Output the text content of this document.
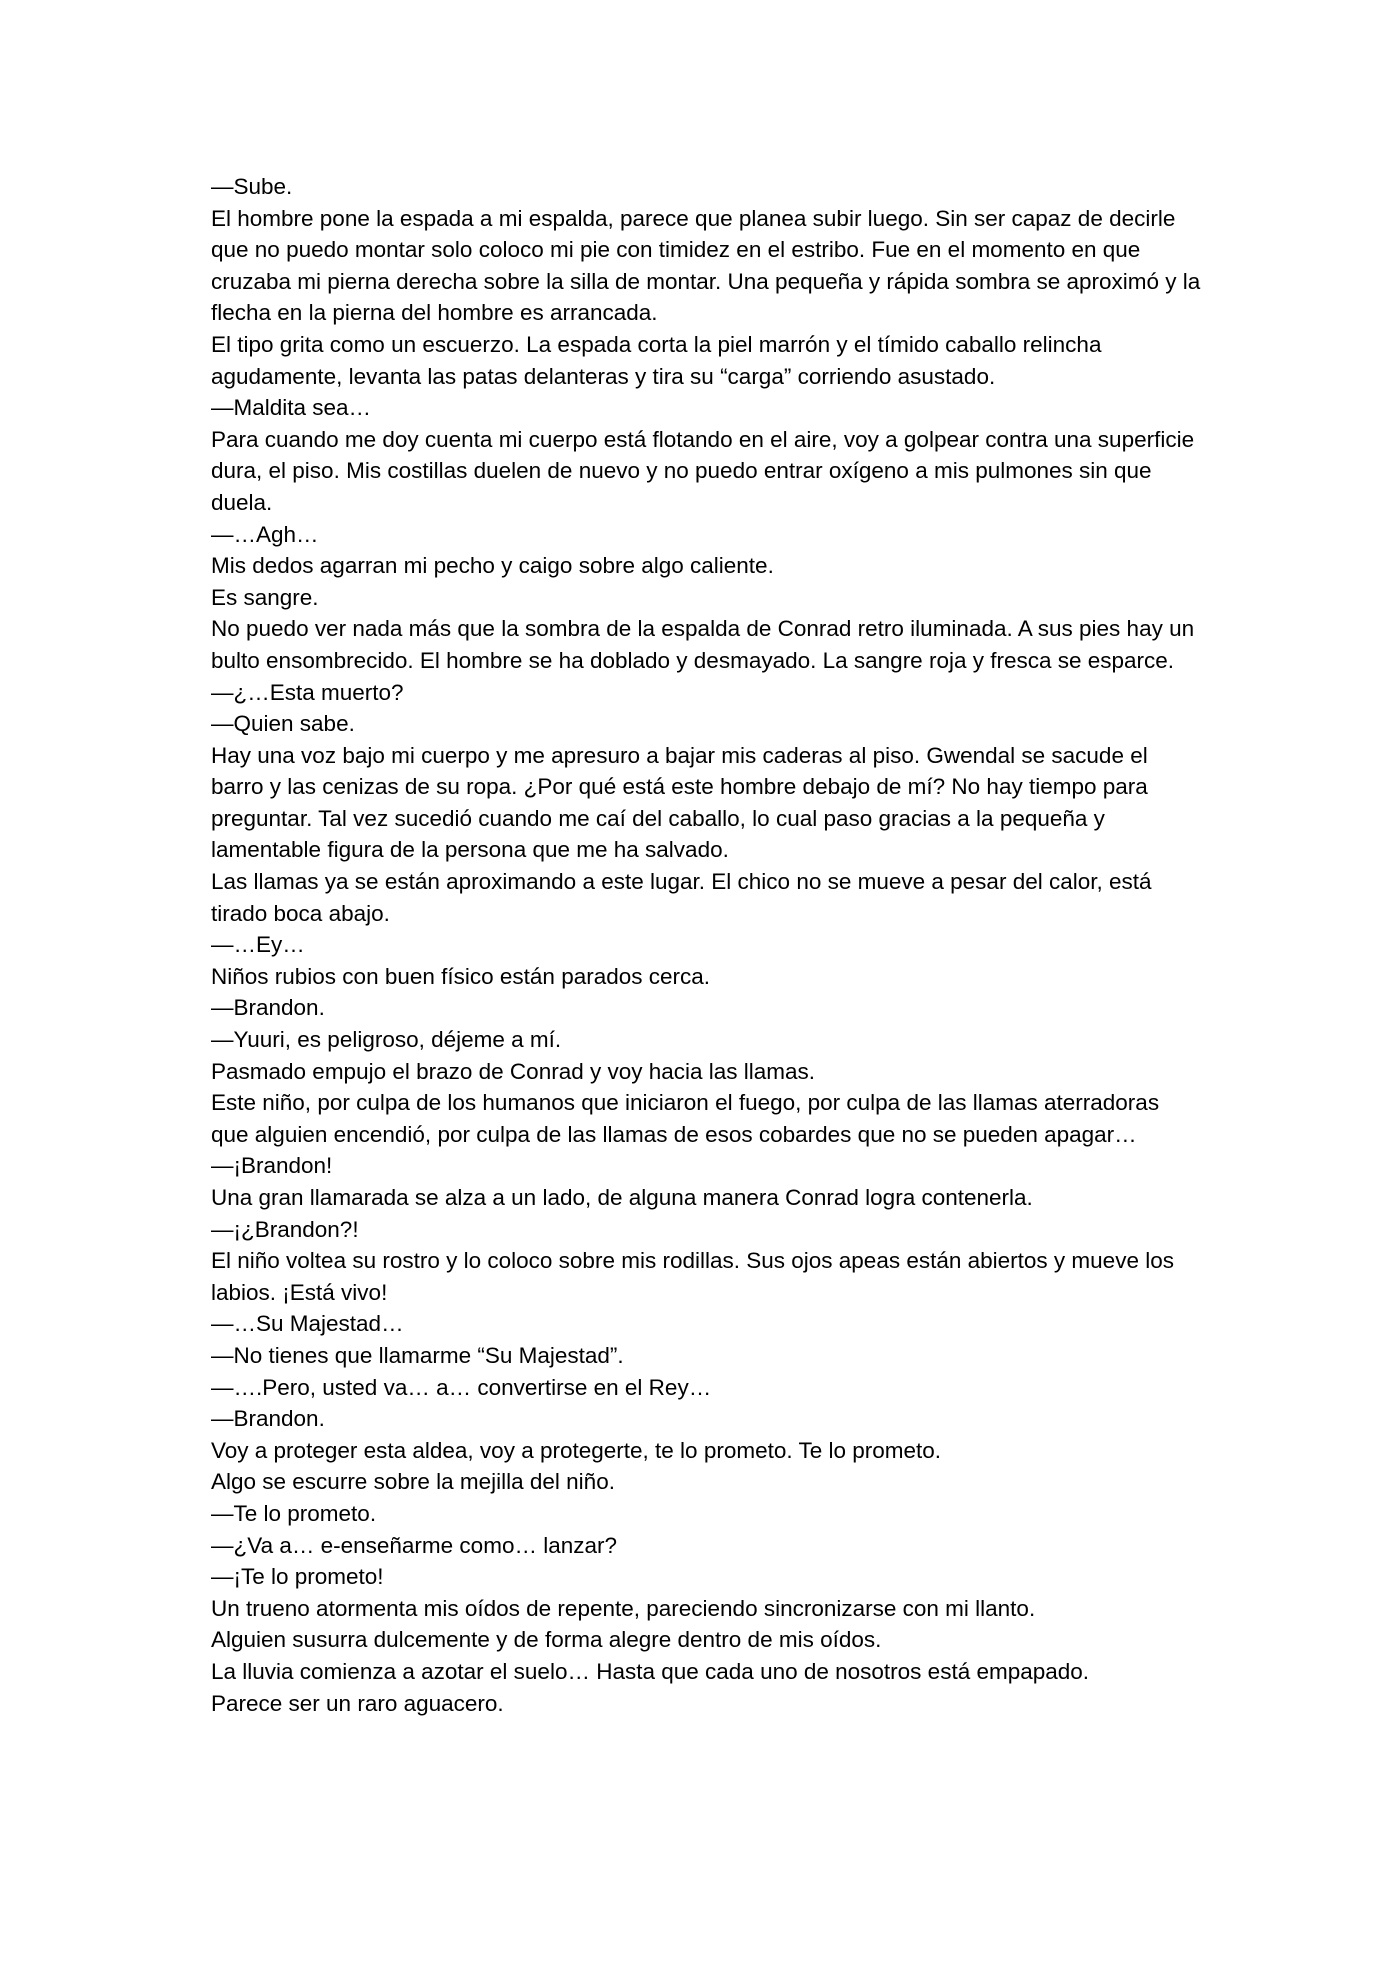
—Sube.

El hombre pone la espada a mi espalda, parece que planea subir luego. Sin ser capaz de decirle que no puedo montar solo coloco mi pie con timidez en el estribo. Fue en el momento en que cruzaba mi pierna derecha sobre la silla de montar. Una pequeña y rápida sombra se aproximó y la flecha en la pierna del hombre es arrancada.

El tipo grita como un escuerzo. La espada corta la piel marrón y el tímido caballo relincha agudamente, levanta las patas delanteras y tira su “carga” corriendo asustado.

—Maldita sea…

Para cuando me doy cuenta mi cuerpo está flotando en el aire, voy a golpear contra una superficie dura, el piso. Mis costillas duelen de nuevo y no puedo entrar oxígeno a mis pulmones sin que duela.

—…Agh…

Mis dedos agarran mi pecho y caigo sobre algo caliente.

Es sangre.

No puedo ver nada más que la sombra de la espalda de Conrad retro iluminada. A sus pies hay un bulto ensombrecido. El hombre se ha doblado y desmayado. La sangre roja y fresca se esparce.

—¿…Esta muerto?

—Quien sabe.

Hay una voz bajo mi cuerpo y me apresuro a bajar mis caderas al piso. Gwendal se sacude el barro y las cenizas de su ropa. ¿Por qué está este hombre debajo de mí? No hay tiempo para preguntar. Tal vez sucedió cuando me caí del caballo, lo cual paso gracias a la pequeña y lamentable figura de la persona que me ha salvado.

Las llamas ya se están aproximando a este lugar. El chico no se mueve a pesar del calor, está tirado boca abajo.

—…Ey…

Niños rubios con buen físico están parados cerca.

—Brandon.

—Yuuri, es peligroso, déjeme a mí.

Pasmado empujo el brazo de Conrad y voy hacia las llamas.

Este niño, por culpa de los humanos que iniciaron el fuego, por culpa de las llamas aterradoras que alguien encendió, por culpa de las llamas de esos cobardes que no se pueden apagar…

—¡Brandon!

Una gran llamarada se alza a un lado, de alguna manera Conrad logra contenerla.

—¡¿Brandon?!

El niño voltea su rostro y lo coloco sobre mis rodillas. Sus ojos apeas están abiertos y mueve los labios. ¡Está vivo!

—…Su Majestad…

—No tienes que llamarme “Su Majestad”.

—….Pero, usted va… a… convertirse en el Rey…

—Brandon.

Voy a proteger esta aldea, voy a protegerte, te lo prometo. Te lo prometo.

Algo se escurre sobre la mejilla del niño.

—Te lo prometo.

—¿Va a… e-enseñarme como… lanzar?

—¡Te lo prometo!

Un trueno atormenta mis oídos de repente, pareciendo sincronizarse con mi llanto.

Alguien susurra dulcemente y de forma alegre dentro de mis oídos.

La lluvia comienza a azotar el suelo… Hasta que cada uno de nosotros está empapado.

Parece ser un raro aguacero.
